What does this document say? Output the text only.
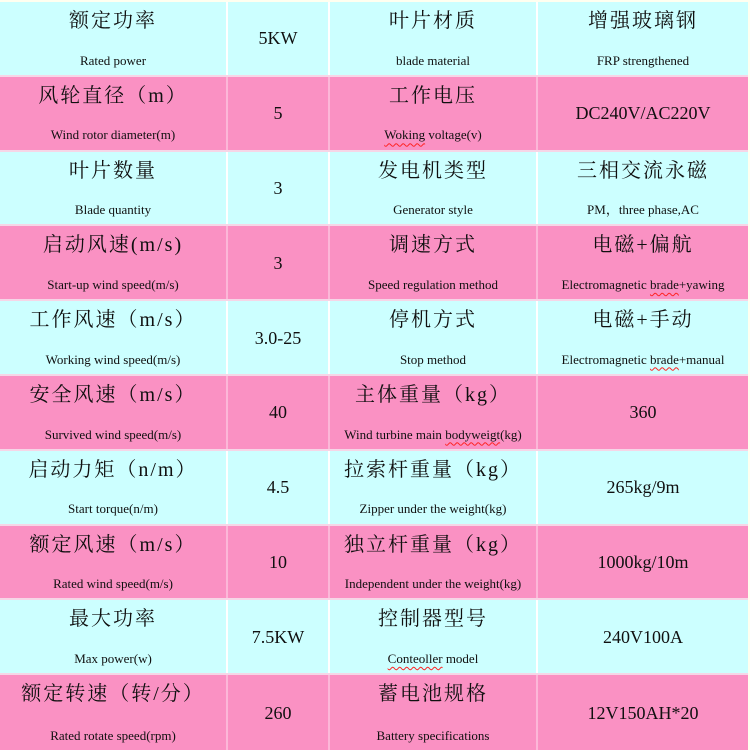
额定功率
Rated power
5KW
叶片材质
blade material
增强玻璃钢
FRP strengthened
风轮直径（m）
Wind rotor diameter(m)
5
工作电压
Woking voltage(v)
DC240V/AC220V
叶片数量
Blade quantity
3
发电机类型
Generator style
三相交流永磁
PM，three phase,AC
启动风速(m/s)
Start-up wind speed(m/s)
3
调速方式
Speed regulation method
电磁+偏航
Electromagnetic brade+yawing
工作风速（m/s）
Working wind speed(m/s)
3.0-25
停机方式
Stop method
电磁+手动
Electromagnetic brade+manual
安全风速（m/s）
Survived wind speed(m/s)
40
主体重量（kg）
Wind turbine main bodyweigt(kg)
360
启动力矩（n/m）
Start torque(n/m)
4.5
拉索杆重量（kg）
Zipper under the weight(kg)
265kg/9m
额定风速（m/s）
Rated wind speed(m/s)
10
独立杆重量（kg）
Independent under the weight(kg)
1000kg/10m
最大功率
Max power(w)
7.5KW
控制器型号
Conteoller model
240V100A
额定转速（转/分）
Rated rotate speed(rpm)
260
蓄电池规格
Battery specifications
12V150AH*20
